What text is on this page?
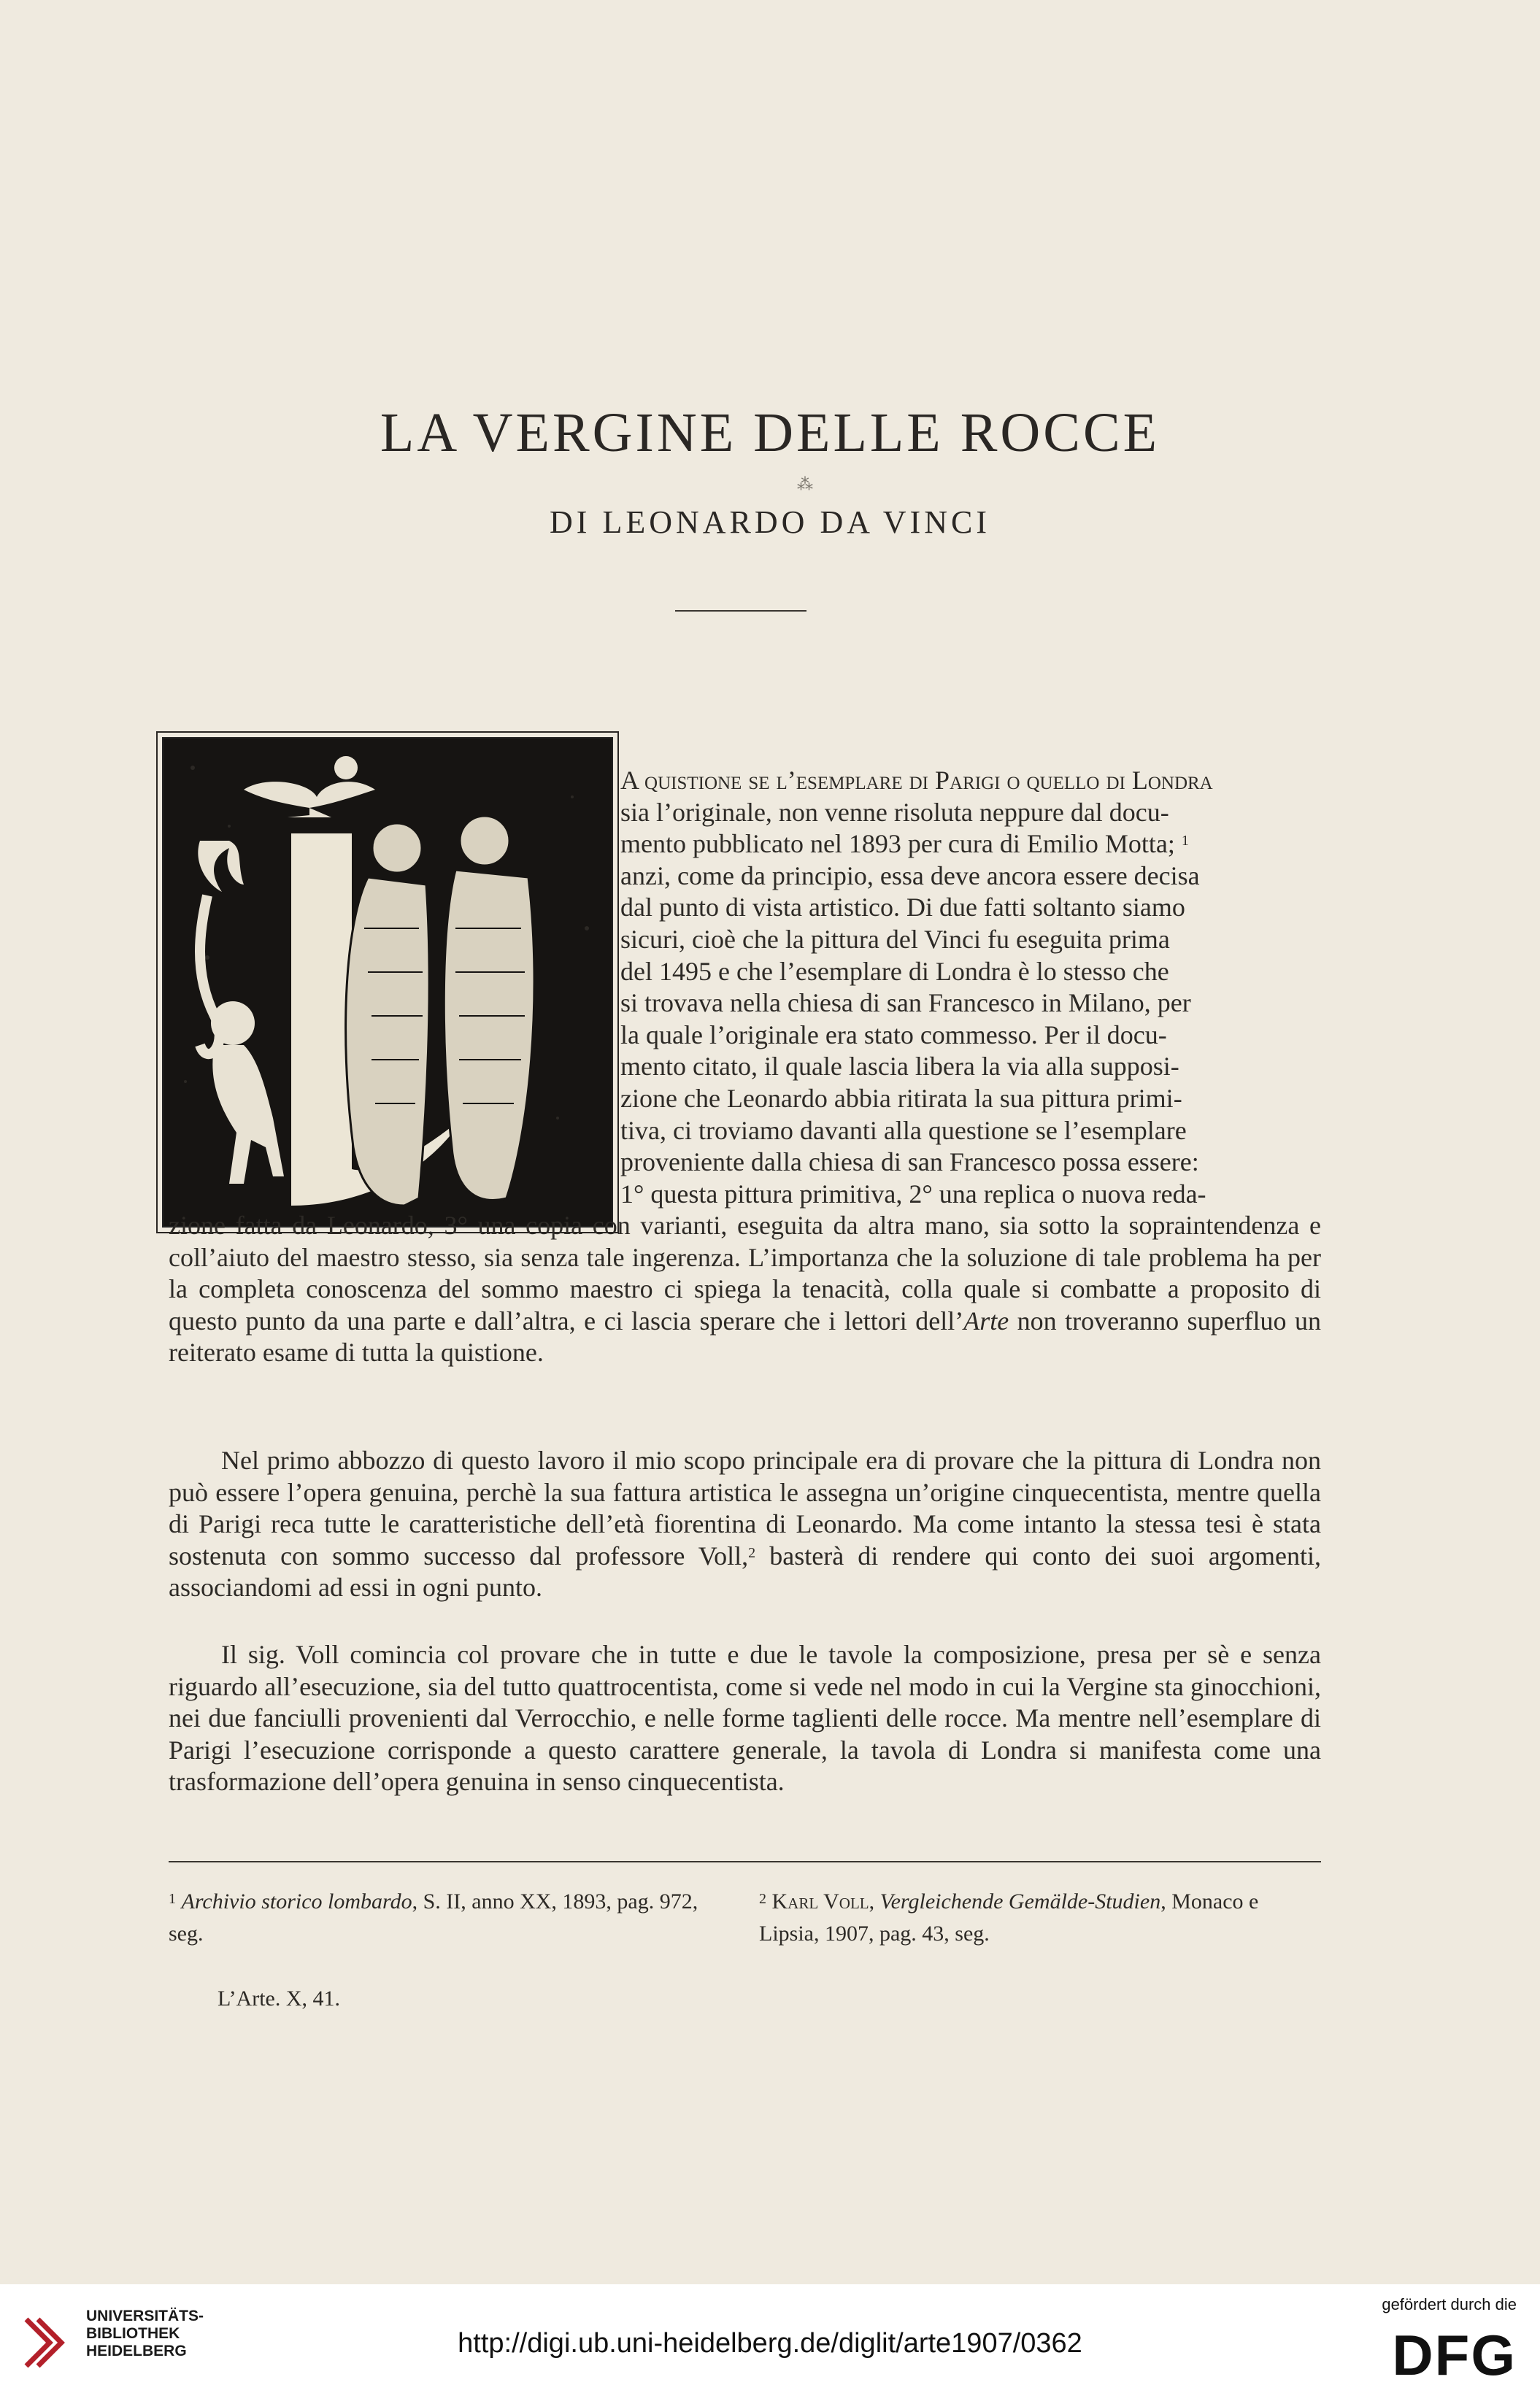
LA VERGINE DELLE ROCCE
⁂
DI LEONARDO DA VINCI

A quistione se l’esemplare di Parigi o quello di Londra

sia l’originale, non venne risoluta neppure dal docu-

mento pubblicato nel 1893 per cura di Emilio Motta; $^1$

anzi, come da principio, essa deve ancora essere decisa

dal punto di vista artistico. Di due fatti soltanto siamo

sicuri, cioè che la pittura del Vinci fu eseguita prima

del 1495 e che l’esemplare di Londra è lo stesso che

si trovava nella chiesa di san Francesco in Milano, per

la quale l’originale era stato commesso. Per il docu-

mento citato, il quale lascia libera la via alla supposi-

zione che Leonardo abbia ritirata la sua pittura primi-

tiva, ci troviamo davanti alla questione se l’esemplare

proveniente dalla chiesa di san Francesco possa essere:

1° questa pittura primitiva, 2° una replica o nuova reda-

zione fatta da Leonardo, 3° una copia con varianti, eseguita da altra mano, sia sotto la sopraintendenza e coll’aiuto del maestro stesso, sia senza tale ingerenza. L’importanza che la soluzione di tale problema ha per la completa conoscenza del sommo maestro ci spiega la tenacità, colla quale si combatte a proposito di questo punto da una parte e dall’altra, e ci lascia sperare che i lettori dell’Arte non troveranno superfluo un reiterato esame di tutta la quistione.

Nel primo abbozzo di questo lavoro il mio scopo principale era di provare che la pittura di Londra non può essere l’opera genuina, perchè la sua fattura artistica le assegna un’origine cinquecentista, mentre quella di Parigi reca tutte le caratteristiche dell’età fiorentina di Leonardo. Ma come intanto la stessa tesi è stata sostenuta con sommo successo dal professore Voll,$^2$ basterà di rendere qui conto dei suoi argomenti, associandomi ad essi in ogni punto.

Il sig. Voll comincia col provare che in tutte e due le tavole la composizione, presa per sè e senza riguardo all’esecuzione, sia del tutto quattrocentista, come si vede nel modo in cui la Vergine sta ginocchioni, nei due fanciulli provenienti dal Verrocchio, e nelle forme taglienti delle rocce. Ma mentre nell’esemplare di Parigi l’esecuzione corrisponde a questo carattere generale, la tavola di Londra si manifesta come una trasformazione dell’opera genuina in senso cinquecentista.

$^1$ Archivio storico lombardo, S. II, anno XX, 1893, pag. 972, seg.
$^2$ Karl Voll, Vergleichende Gemälde-Studien, Monaco e Lipsia, 1907, pag. 43, seg.
L’Arte. X, 41.
UNIVERSITÄTS-
BIBLIOTHEK
HEIDELBERG	http://digi.ub.uni-heidelberg.de/diglit/arte1907/0362
gefördert durch die
DFG
